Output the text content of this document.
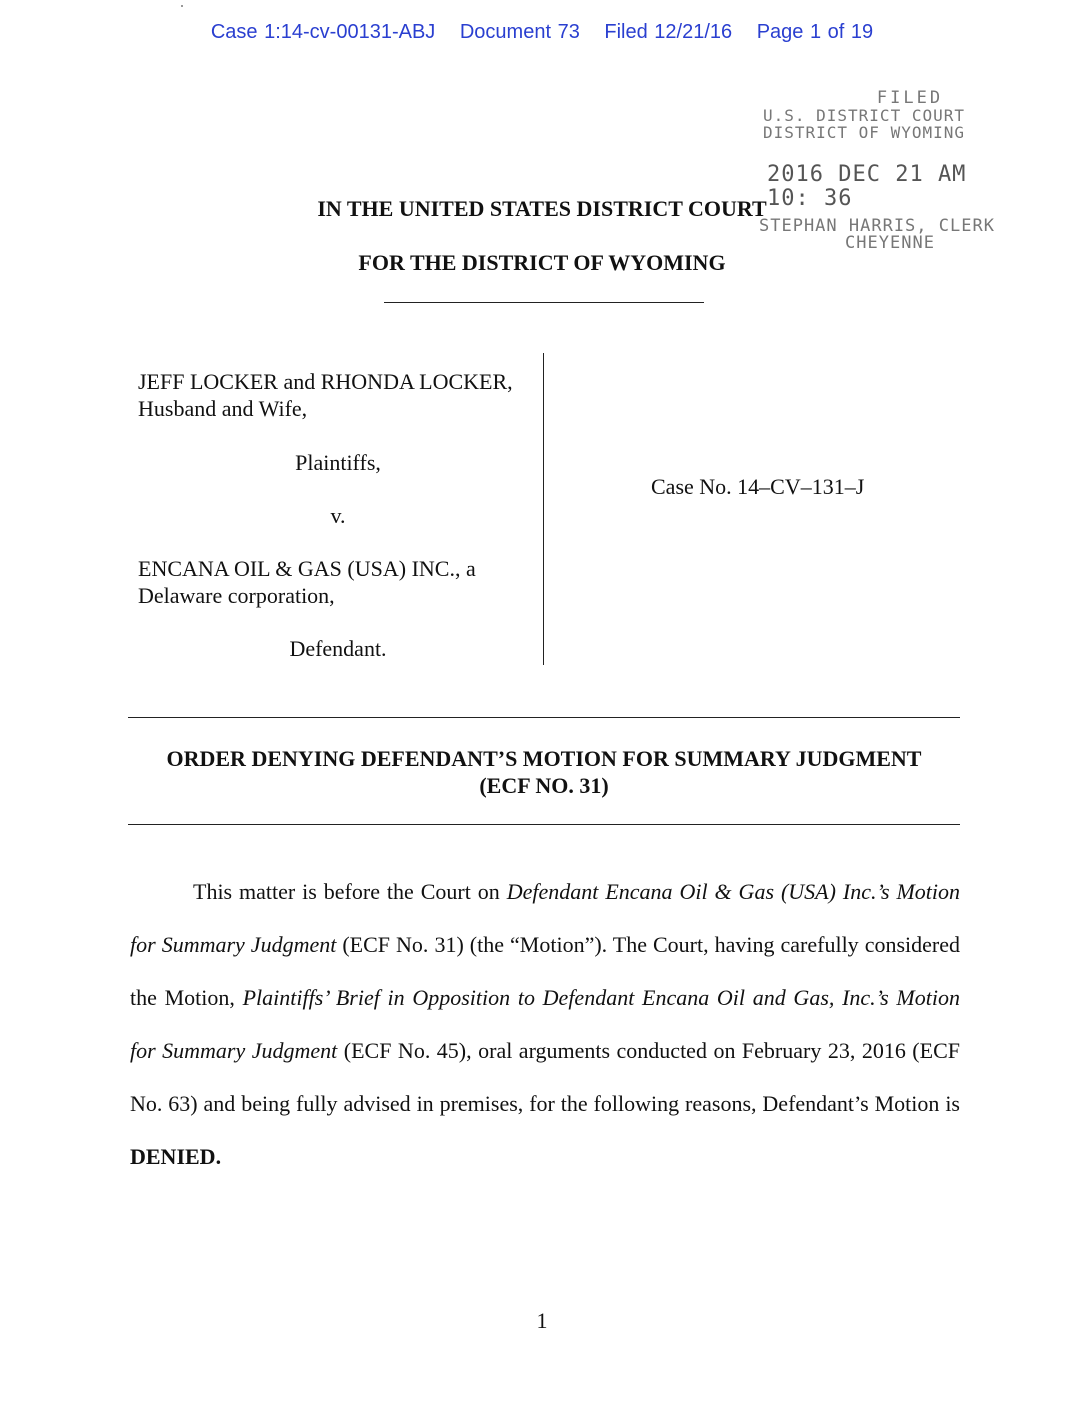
Case 1:14-cv-00131-ABJ Document 73 Filed 12/21/16 Page 1 of 19
FILED
U.S. DISTRICT COURT
DISTRICT OF WYOMING
2016 DEC 21 AM 10: 36
STEPHAN HARRIS, CLERK
CHEYENNE
IN THE UNITED STATES DISTRICT COURT
FOR THE DISTRICT OF WYOMING

JEFF LOCKER and RHONDA LOCKER, Husband and Wife,

Plaintiffs,

v.

ENCANA OIL & GAS (USA) INC., a Delaware corporation,

Defendant.

Case No. 14–CV–131–J
ORDER DENYING DEFENDANT’S MOTION FOR SUMMARY JUDGMENT
(ECF NO. 31)
This matter is before the Court on Defendant Encana Oil & Gas (USA) Inc.’s Motion for Summary Judgment (ECF No. 31) (the “Motion”). The Court, having carefully considered the Motion, Plaintiffs’ Brief in Opposition to Defendant Encana Oil and Gas, Inc.’s Motion for Summary Judgment (ECF No. 45), oral arguments conducted on February 23, 2016 (ECF No. 63) and being fully advised in premises, for the following reasons, Defendant’s Motion is DENIED.
1
